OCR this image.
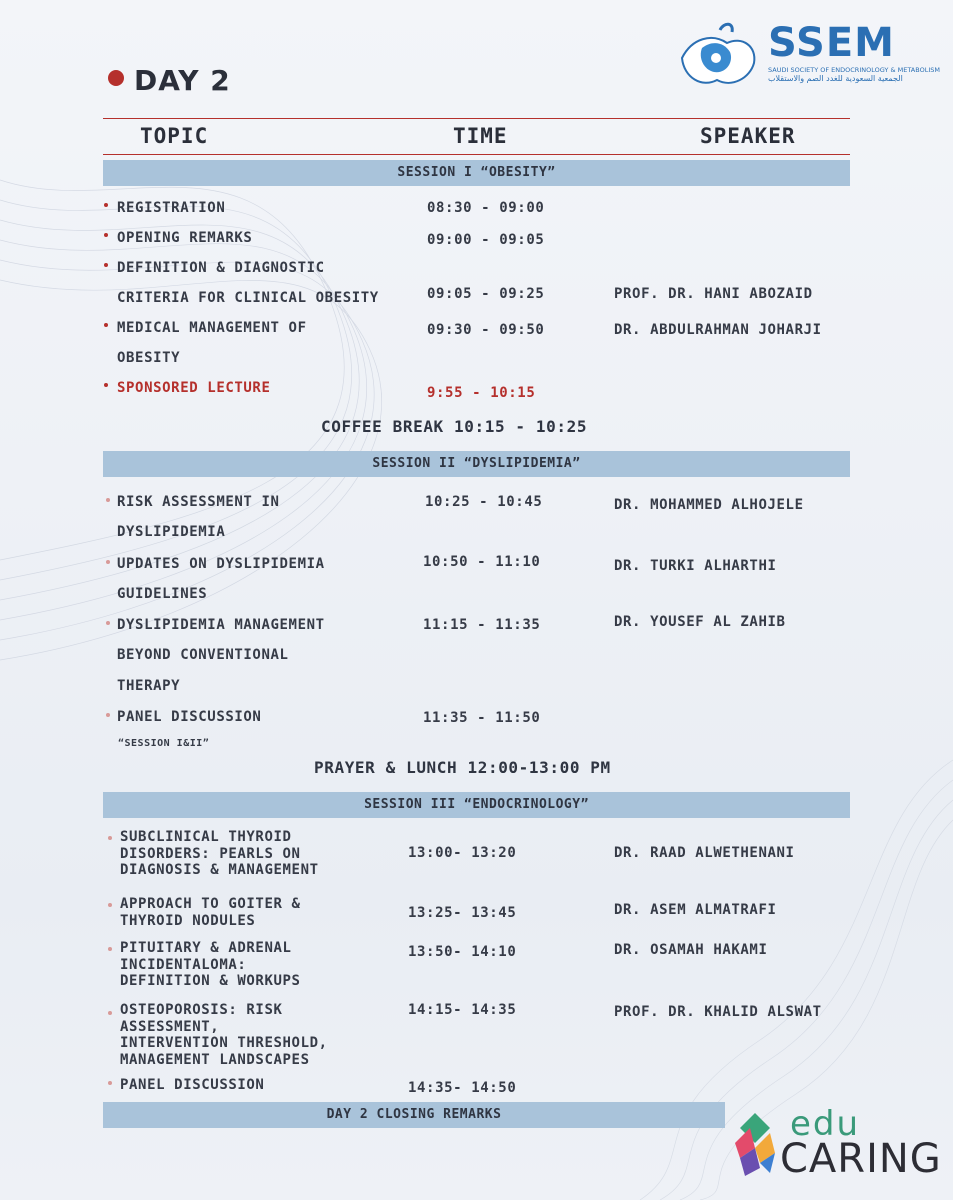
DAY 2
SSEM
SAUDI SOCIETY OF ENDOCRINOLOGY & METABOLISM
الجمعية السعودية للغدد الصم والاستقلاب
TOPIC	TIME	SPEAKER
SESSION I “OBESITY”
REGISTRATION	08:30 - 09:00
OPENING REMARKS	09:00 - 09:05
DEFINITION & DIAGNOSTIC
CRITERIA FOR CLINICAL OBESITY	09:05 - 09:25	PROF. DR. HANI ABOZAID
MEDICAL MANAGEMENT OF
OBESITY
09:30 - 09:50	DR. ABDULRAHMAN JOHARJI
SPONSORED LECTURE	9:55 - 10:15
COFFEE BREAK 10:15 - 10:25
SESSION II “DYSLIPIDEMIA”
RISK ASSESSMENT IN
DYSLIPIDEMIA
10:25 - 10:45	DR. MOHAMMED ALHOJELE
UPDATES ON DYSLIPIDEMIA
GUIDELINES
10:50 - 11:10	DR. TURKI ALHARTHI
DYSLIPIDEMIA MANAGEMENT
BEYOND CONVENTIONAL
THERAPY
11:15 - 11:35	DR. YOUSEF AL ZAHIB
PANEL DISCUSSION
“SESSION I&II”
11:35 - 11:50
PRAYER & LUNCH 12:00-13:00 PM
SESSION III “ENDOCRINOLOGY”
SUBCLINICAL THYROID
DISORDERS: PEARLS ON
DIAGNOSIS & MANAGEMENT
13:00- 13:20	DR. RAAD ALWETHENANI
APPROACH TO GOITER &
THYROID NODULES	13:25- 13:45	DR. ASEM ALMATRAFI
PITUITARY & ADRENAL
INCIDENTALOMA:
DEFINITION & WORKUPS
13:50- 14:10	DR. OSAMAH HAKAMI
OSTEOPOROSIS: RISK
ASSESSMENT,
INTERVENTION THRESHOLD,
MANAGEMENT LANDSCAPES
14:15- 14:35	PROF. DR. KHALID ALSWAT
PANEL DISCUSSION	14:35- 14:50
DAY 2 CLOSING REMARKS	edu
CARING
